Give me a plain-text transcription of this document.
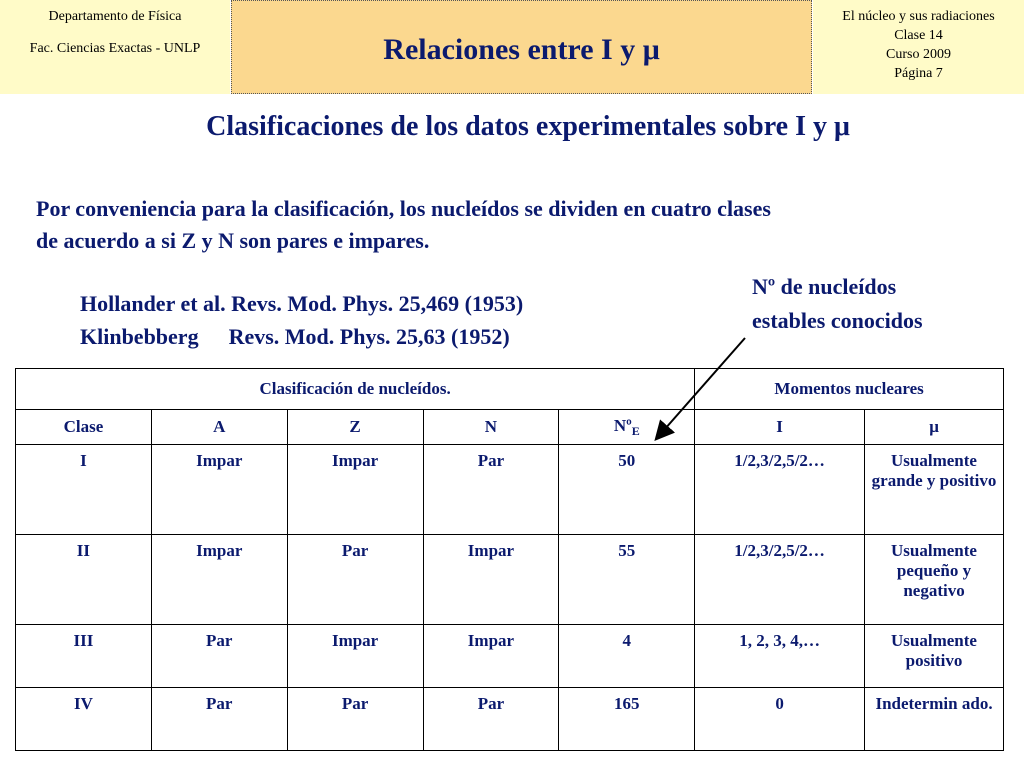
Departamento de Física
Fac. Ciencias Exactas - UNLP	Relaciones entre I y μ
El núcleo y sus radiaciones
Clase 14
Curso 2009
Página 7
Clasificaciones de los datos experimentales sobre I y μ
Por conveniencia para la clasificación, los nucleídos se dividen en cuatro clases
de acuerdo a si Z y N son pares e impares.
Hollander et al. Revs. Mod. Phys. 25,469 (1953)
Klinbebberg Revs. Mod. Phys. 25,63 (1952)
Nº de nucleídos
estables conocidos
Clasificación de nucleídos.					Momentos nucleares	
Clase	A	Z	N	Nº$_E$	I	μ
I	Impar	Impar	Par	50	1/2,3/2,5/2…	Usualmente grande y positivo
II	Impar	Par	Impar	55	1/2,3/2,5/2…	Usualmente pequeño y negativo
III	Par	Impar	Impar	4	1, 2, 3, 4,…	Usualmente positivo
IV	Par	Par	Par	165	0	Indetermin ado.
